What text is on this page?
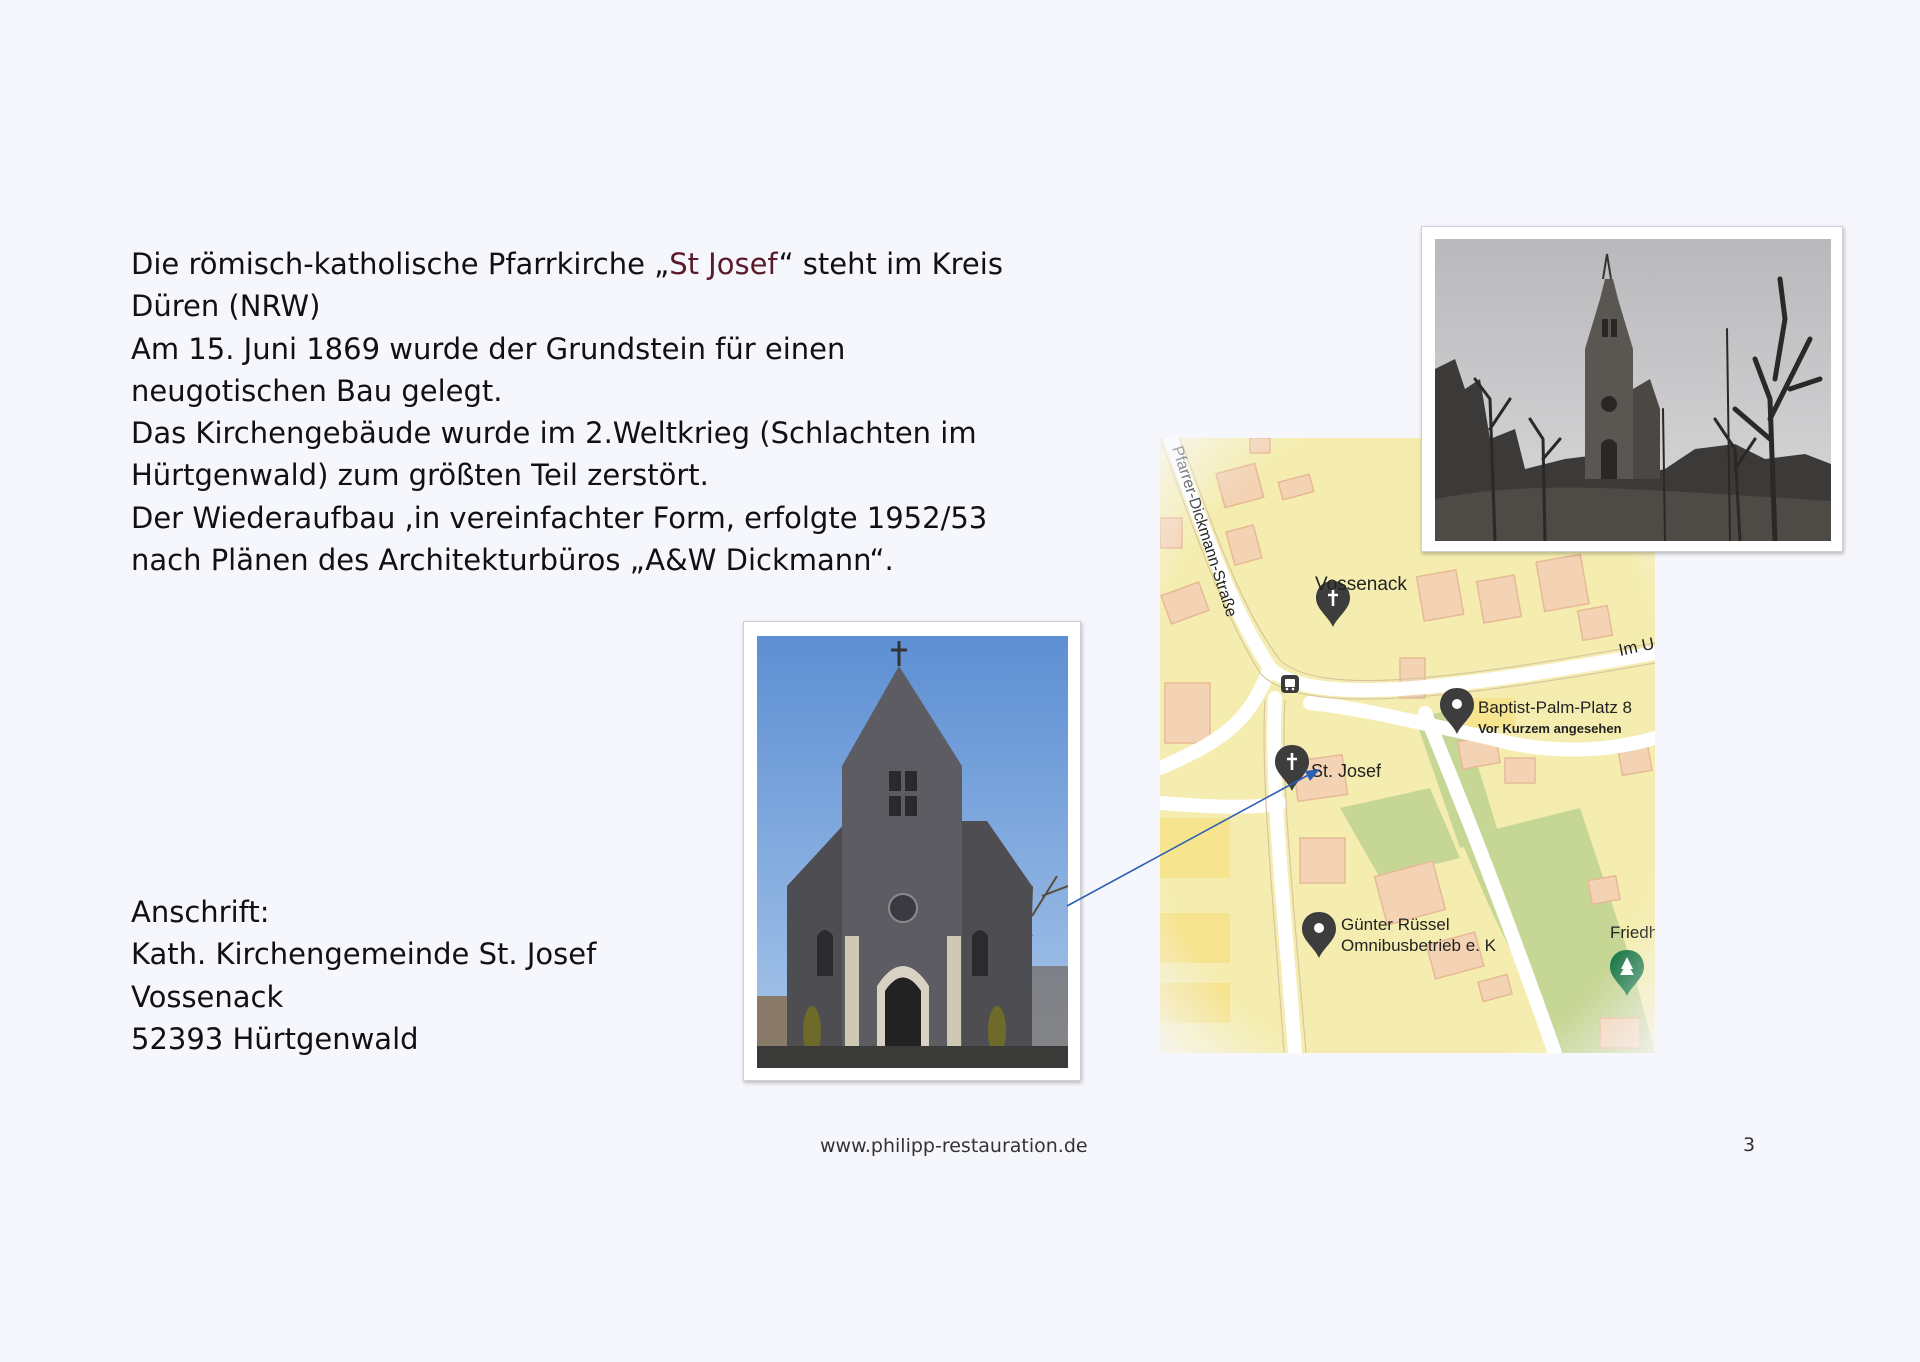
Die römisch-katholische Pfarrkirche „St Josef“ steht im Kreis
Düren (NRW)
Am 15. Juni 1869 wurde der Grundstein für einen
neugotischen Bau gelegt.
Das Kirchengebäude wurde im 2.Weltkrieg (Schlachten im
Hürtgenwald) zum größten Teil zerstört.
Der Wiederaufbau ,in vereinfachter Form, erfolgte 1952/53
nach Plänen des Architekturbüros „A&W Dickmann“.
Anschrift:
Kath. Kirchengemeinde St. Josef
Vossenack
52393 Hürtgenwald
www.philipp-restauration.de	3
